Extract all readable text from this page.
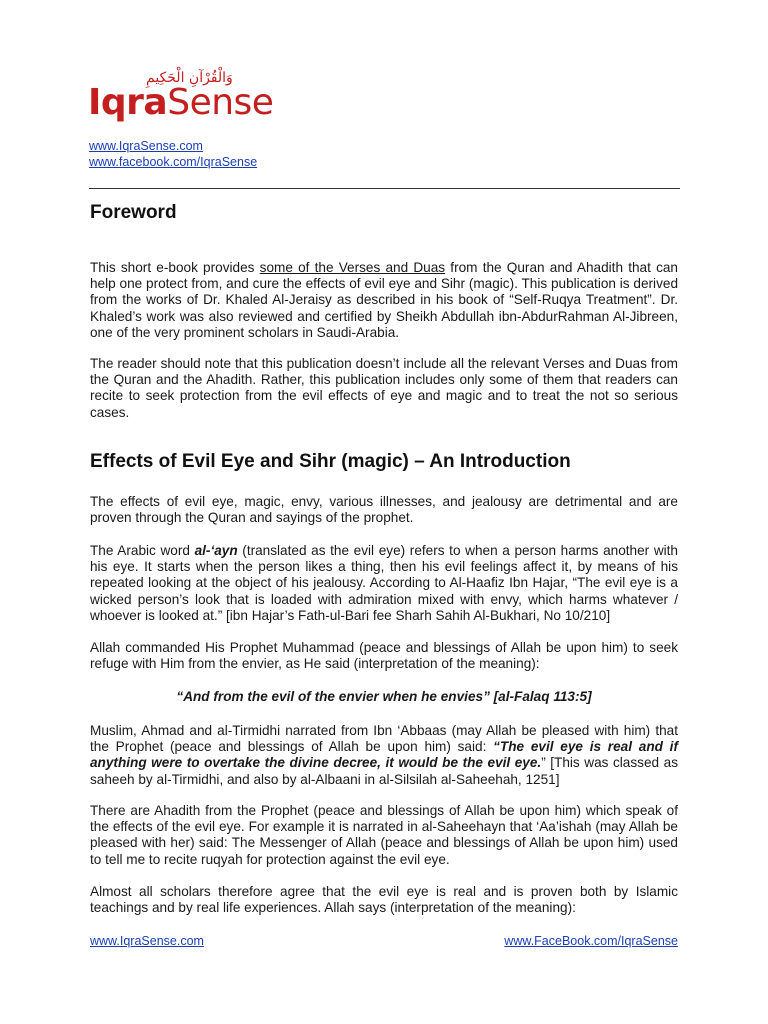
وَالْقُرْآنِ الْحَكِيمِ
IqraSense
www.IqraSense.com
www.facebook.com/IqraSense
Foreword

This short e-book provides some of the Verses and Duas from the Quran and Ahadith that can help one protect from, and cure the effects of evil eye and Sihr (magic). This publication is derived from the works of Dr. Khaled Al-Jeraisy as described in his book of “Self-Ruqya Treatment”. Dr. Khaled’s work was also reviewed and certified by Sheikh Abdullah ibn-AbdurRahman Al-Jibreen, one of the very prominent scholars in Saudi-Arabia.

The reader should note that this publication doesn’t include all the relevant Verses and Duas from the Quran and the Ahadith. Rather, this publication includes only some of them that readers can recite to seek protection from the evil effects of eye and magic and to treat the not so serious cases.

Effects of Evil Eye and Sihr (magic) – An Introduction

The effects of evil eye, magic, envy, various illnesses, and jealousy are detrimental and are proven through the Quran and sayings of the prophet.

The Arabic word al-‘ayn (translated as the evil eye) refers to when a person harms another with his eye. It starts when the person likes a thing, then his evil feelings affect it, by means of his repeated looking at the object of his jealousy. According to Al-Haafiz Ibn Hajar, “The evil eye is a wicked person’s look that is loaded with admiration mixed with envy, which harms whatever / whoever is looked at.” [ibn Hajar’s Fath-ul-Bari fee Sharh Sahih Al-Bukhari, No 10/210]

Allah commanded His Prophet Muhammad (peace and blessings of Allah be upon him) to seek refuge with Him from the envier, as He said (interpretation of the meaning):

“And from the evil of the envier when he envies” [al-Falaq 113:5]

Muslim, Ahmad and al-Tirmidhi narrated from Ibn ‘Abbaas (may Allah be pleased with him) that the Prophet (peace and blessings of Allah be upon him) said: “The evil eye is real and if anything were to overtake the divine decree, it would be the evil eye.” [This was classed as saheeh by al-Tirmidhi, and also by al-Albaani in al-Silsilah al-Saheehah, 1251]

There are Ahadith from the Prophet (peace and blessings of Allah be upon him) which speak of the effects of the evil eye. For example it is narrated in al-Saheehayn that ‘Aa’ishah (may Allah be pleased with her) said: The Messenger of Allah (peace and blessings of Allah be upon him) used to tell me to recite ruqyah for protection against the evil eye.

Almost all scholars therefore agree that the evil eye is real and is proven both by Islamic teachings and by real life experiences. Allah says (interpretation of the meaning):

www.IqraSense.com	www.FaceBook.com/IqraSense
